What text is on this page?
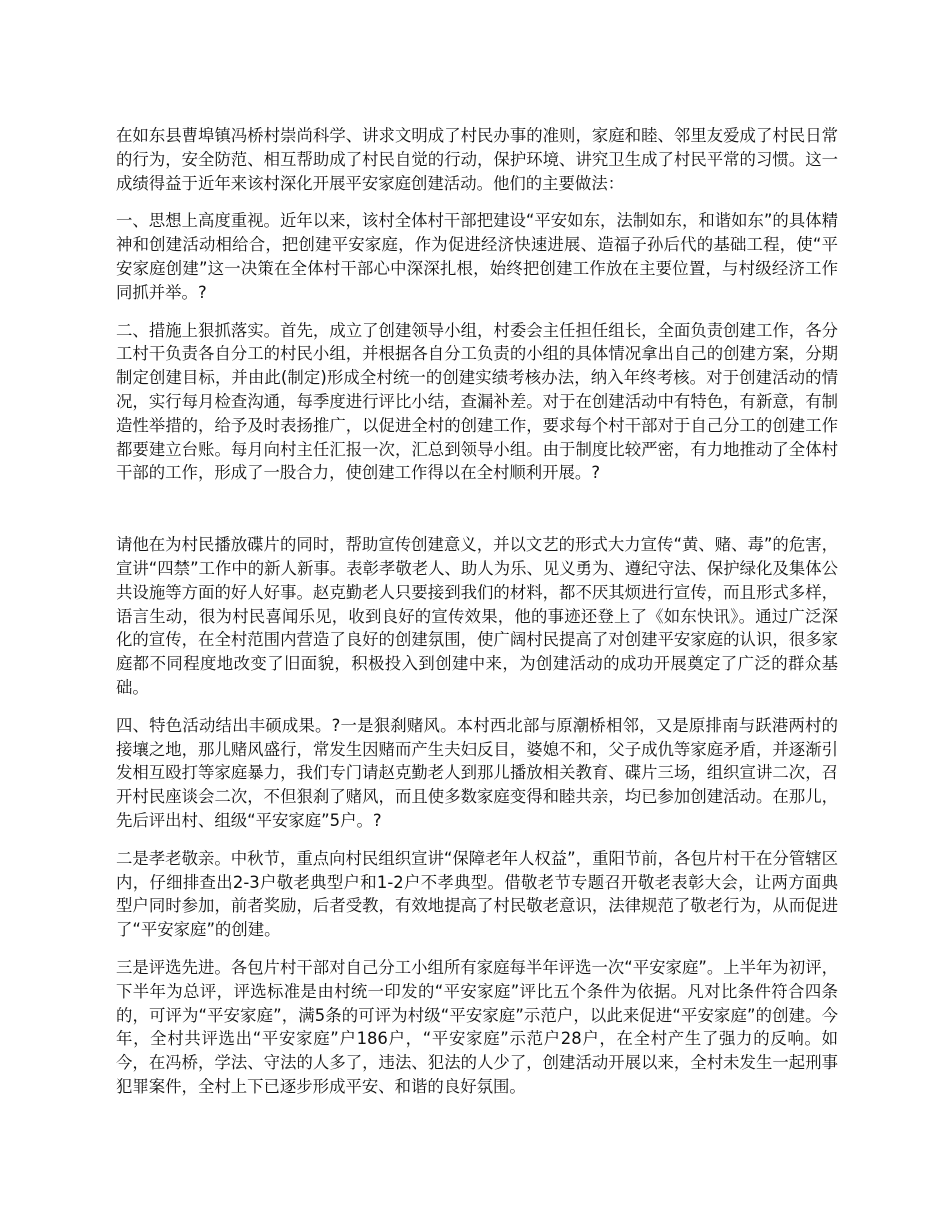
在如东县曹埠镇冯桥村崇尚科学、讲求文明成了村民办事的准则，家庭和睦、邻里友爱成了村民日常的行为，安全防范、相互帮助成了村民自觉的行动，保护环境、讲究卫生成了村民平常的习惯。这一成绩得益于近年来该村深化开展平安家庭创建活动。他们的主要做法：

一、思想上高度重视。近年以来，该村全体村干部把建设“平安如东，法制如东，和谐如东”的具体精神和创建活动相给合，把创建平安家庭，作为促进经济快速进展、造福子孙后代的基础工程，使“平安家庭创建”这一决策在全体村干部心中深深扎根，始终把创建工作放在主要位置，与村级经济工作同抓并举。?

二、措施上狠抓落实。首先，成立了创建领导小组，村委会主任担任组长，全面负责创建工作，各分工村干负责各自分工的村民小组，并根据各自分工负责的小组的具体情况拿出自己的创建方案，分期制定创建目标，并由此(制定)形成全村统一的创建实绩考核办法，纳入年终考核。对于创建活动的情况，实行每月检查沟通，每季度进行评比小结，查漏补差。对于在创建活动中有特色，有新意，有制造性举措的，给予及时表扬推广，以促进全村的创建工作，要求每个村干部对于自己分工的创建工作都要建立台账。每月向村主任汇报一次，汇总到领导小组。由于制度比较严密，有力地推动了全体村干部的工作，形成了一股合力，使创建工作得以在全村顺利开展。?

请他在为村民播放碟片的同时，帮助宣传创建意义，并以文艺的形式大力宣传“黄、赌、毒”的危害，宣讲“四禁”工作中的新人新事。表彰孝敬老人、助人为乐、见义勇为、遵纪守法、保护绿化及集体公共设施等方面的好人好事。赵克勤老人只要接到我们的材料，都不厌其烦进行宣传，而且形式多样，语言生动，很为村民喜闻乐见，收到良好的宣传效果，他的事迹还登上了《如东快讯》。通过广泛深化的宣传，在全村范围内营造了良好的创建氛围，使广阔村民提高了对创建平安家庭的认识，很多家庭都不同程度地改变了旧面貌，积极投入到创建中来，为创建活动的成功开展奠定了广泛的群众基础。

四、特色活动结出丰硕成果。?一是狠刹赌风。本村西北部与原潮桥相邻，又是原排南与跃港两村的接壤之地，那儿赌风盛行，常发生因赌而产生夫妇反目，婆媳不和，父子成仇等家庭矛盾，并逐渐引发相互殴打等家庭暴力，我们专门请赵克勤老人到那儿播放相关教育、碟片三场，组织宣讲二次，召开村民座谈会二次，不但狠刹了赌风，而且使多数家庭变得和睦共亲，均已参加创建活动。在那儿，先后评出村、组级“平安家庭”5户。?

二是孝老敬亲。中秋节，重点向村民组织宣讲“保障老年人权益”，重阳节前，各包片村干在分管辖区内，仔细排查出2-3户敬老典型户和1-2户不孝典型。借敬老节专题召开敬老表彰大会，让两方面典型户同时参加，前者奖励，后者受教，有效地提高了村民敬老意识，法律规范了敬老行为，从而促进了“平安家庭”的创建。

三是评选先进。各包片村干部对自己分工小组所有家庭每半年评选一次“平安家庭”。上半年为初评，下半年为总评，评选标准是由村统一印发的“平安家庭”评比五个条件为依据。凡对比条件符合四条的，可评为“平安家庭”，满5条的可评为村级“平安家庭”示范户，以此来促进“平安家庭”的创建。今年，全村共评选出“平安家庭”户186户，“平安家庭”示范户28户，在全村产生了强力的反响。如今，在冯桥，学法、守法的人多了，违法、犯法的人少了，创建活动开展以来，全村未发生一起刑事犯罪案件，全村上下已逐步形成平安、和谐的良好氛围。
